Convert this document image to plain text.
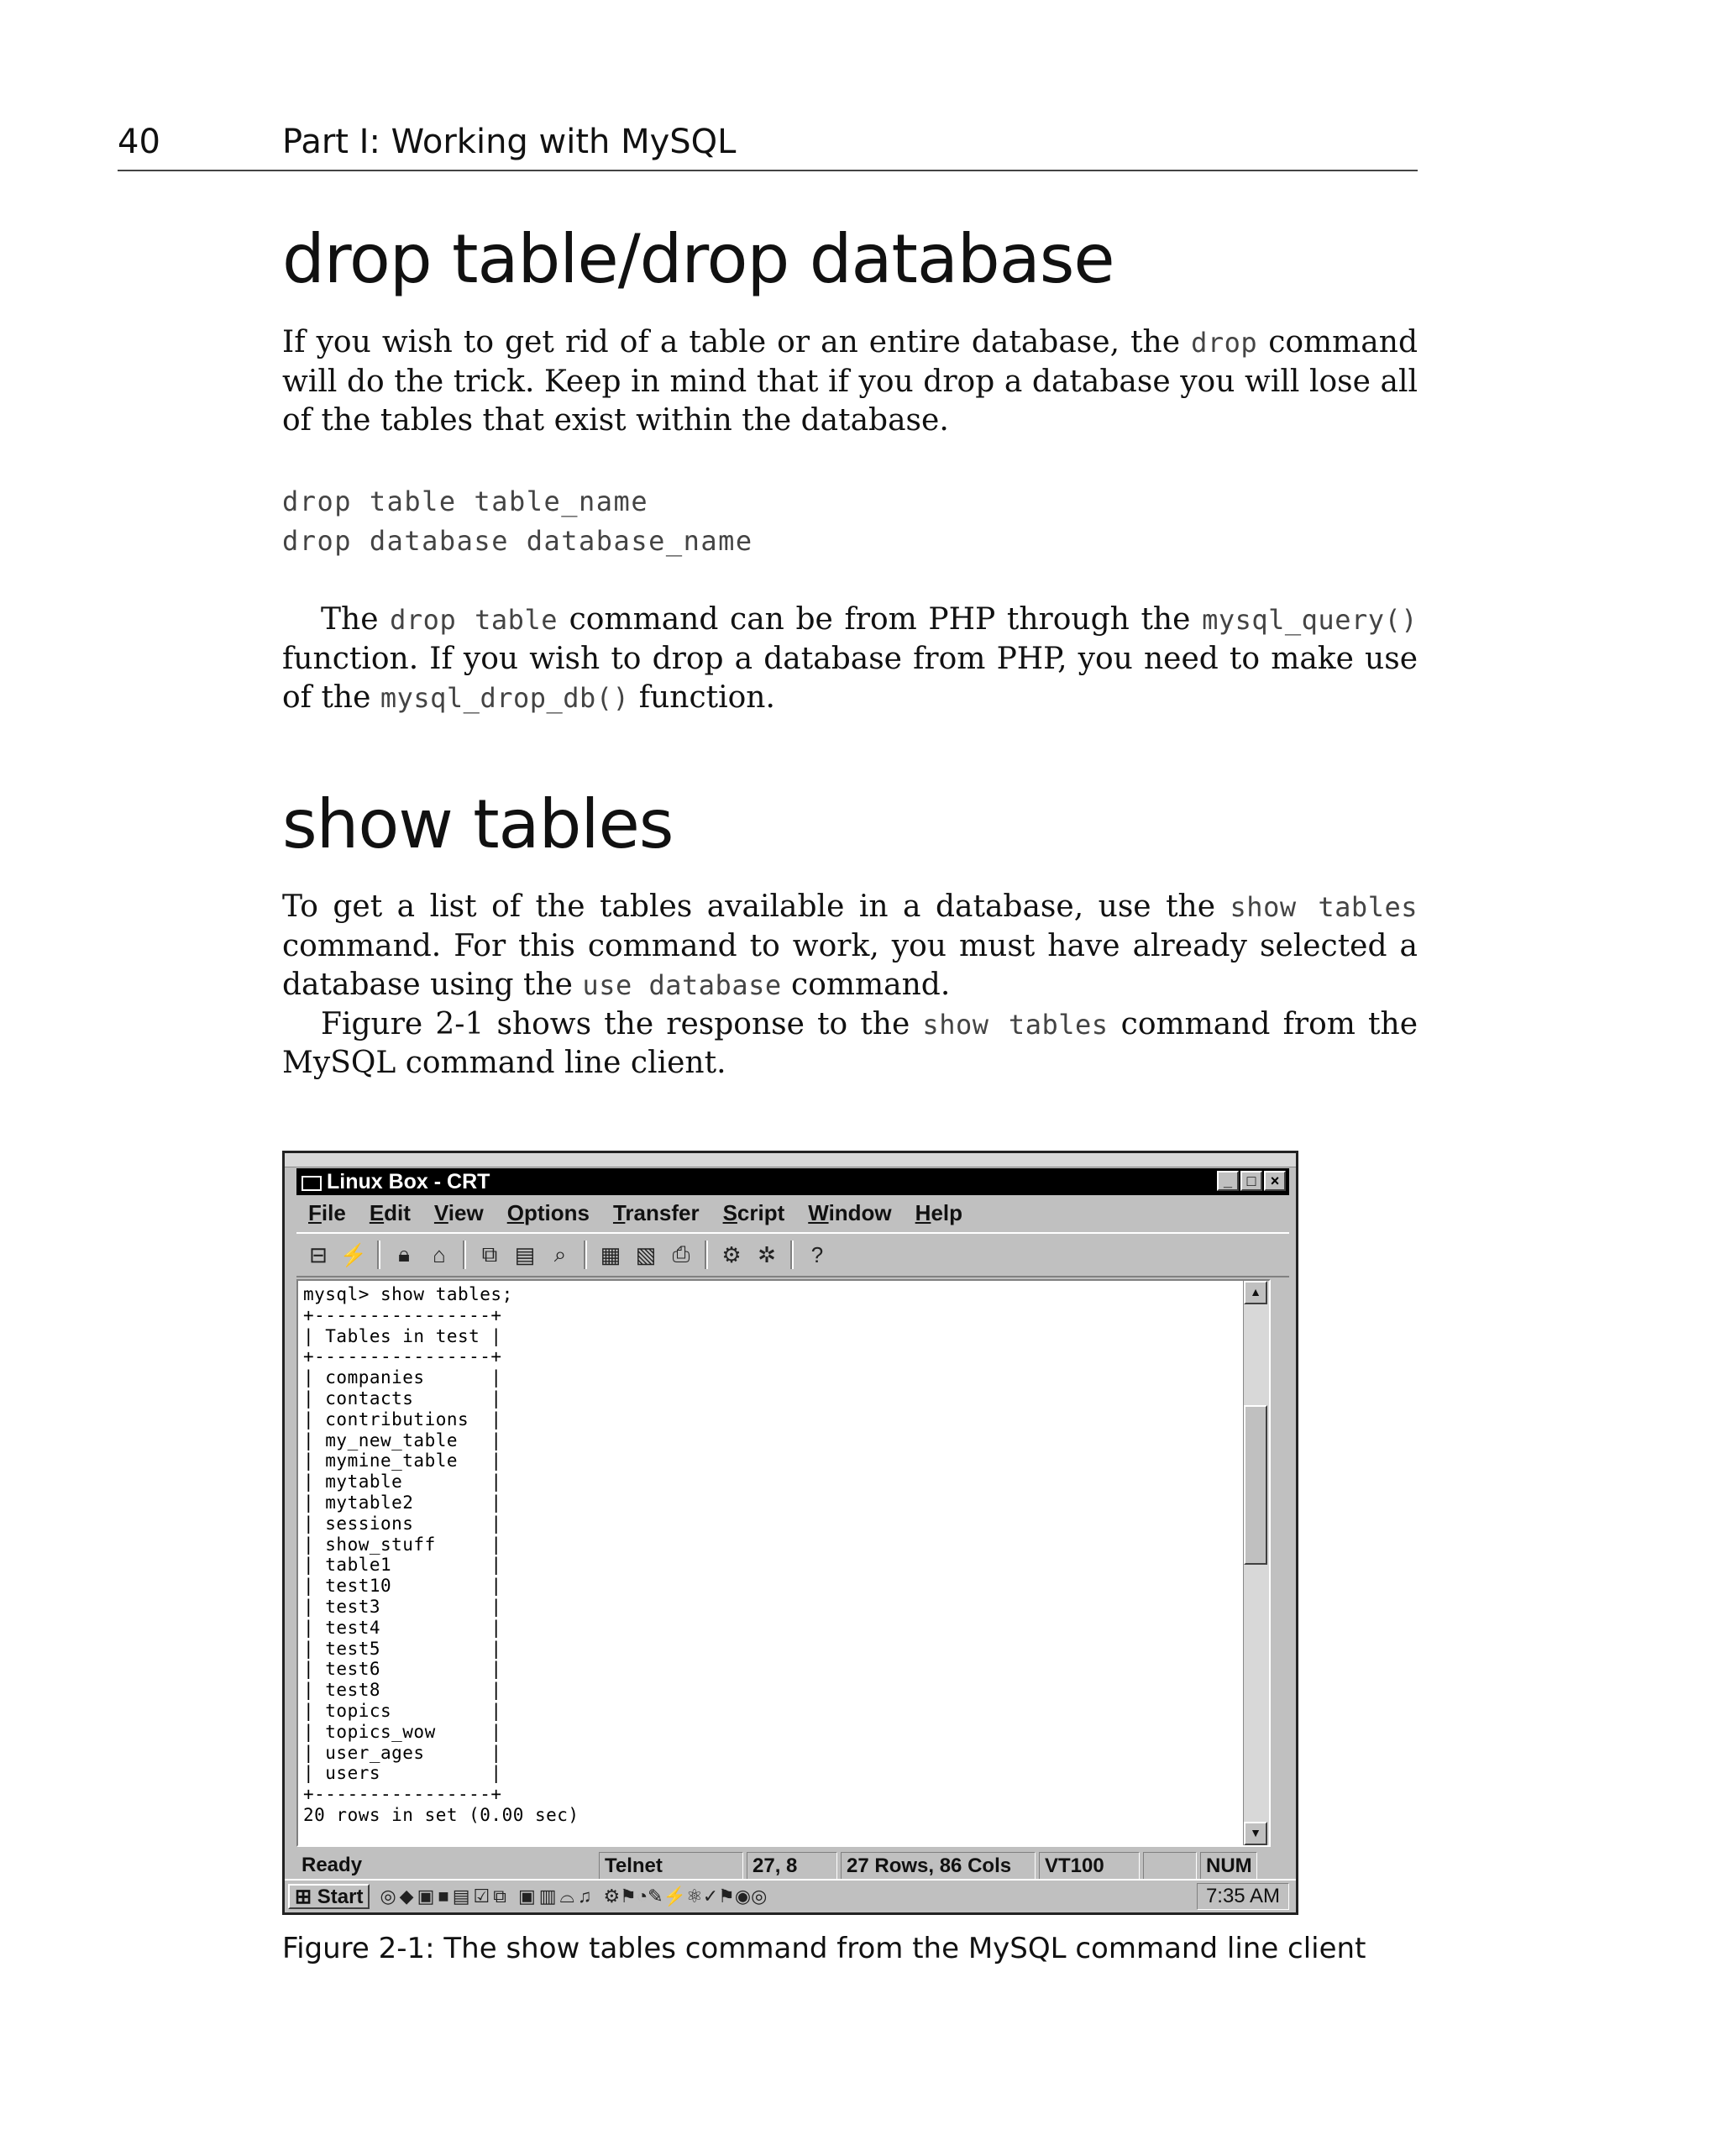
40	Part I: Working with MySQL
drop table/drop database

If you wish to get rid of a table or an entire database, the drop command will do the trick. Keep in mind that if you drop a database you will lose all of the tables that exist within the database.

drop table table_name
drop database database_name

The drop table command can be from PHP through the mysql_query() function. If you wish to drop a database from PHP, you need to make use of the mysql_drop_db() function.

show tables

To get a list of the tables available in a database, use the show tables command. For this command to work, you must have already selected a database using the use database command.

Figure 2-1 shows the response to the show tables command from the MySQL command line client.

Linux Box - CRT	_ □ ×
File	Edit	View	Options	Transfer	Script	Window	Help
⊟ ⚡	🔒︎	⌂	⧉ ▤ ⌕	▦ ▧ ⎙ ⚙ ✲	?
mysql> show tables;
+----------------+
| Tables in test |
+----------------+
| companies      |
| contacts       |
| contributions  |
| my_new_table   |
| mymine_table   |
| mytable        |
| mytable2       |
| sessions       |
| show_stuff     |
| table1         |
| test10         |
| test3          |
| test4          |
| test5          |
| test6          |
| test8          |
| topics         |
| topics_wow     |
| user_ages      |
| users          |
+----------------+
20 rows in set (0.00 sec)
▲
▼
Ready	Telnet	27, 8	27 Rows, 86 Cols	VT100	NUM
⊞ Start ◎ ◆ ▣ ■ ▤ ☑ ⧉ ▣ ▥ ⌓ ♫ ⚙⚑◔✎⚡⚛✓⚑◉◎	7:35 AM
Figure 2-1: The show tables command from the MySQL command line client
